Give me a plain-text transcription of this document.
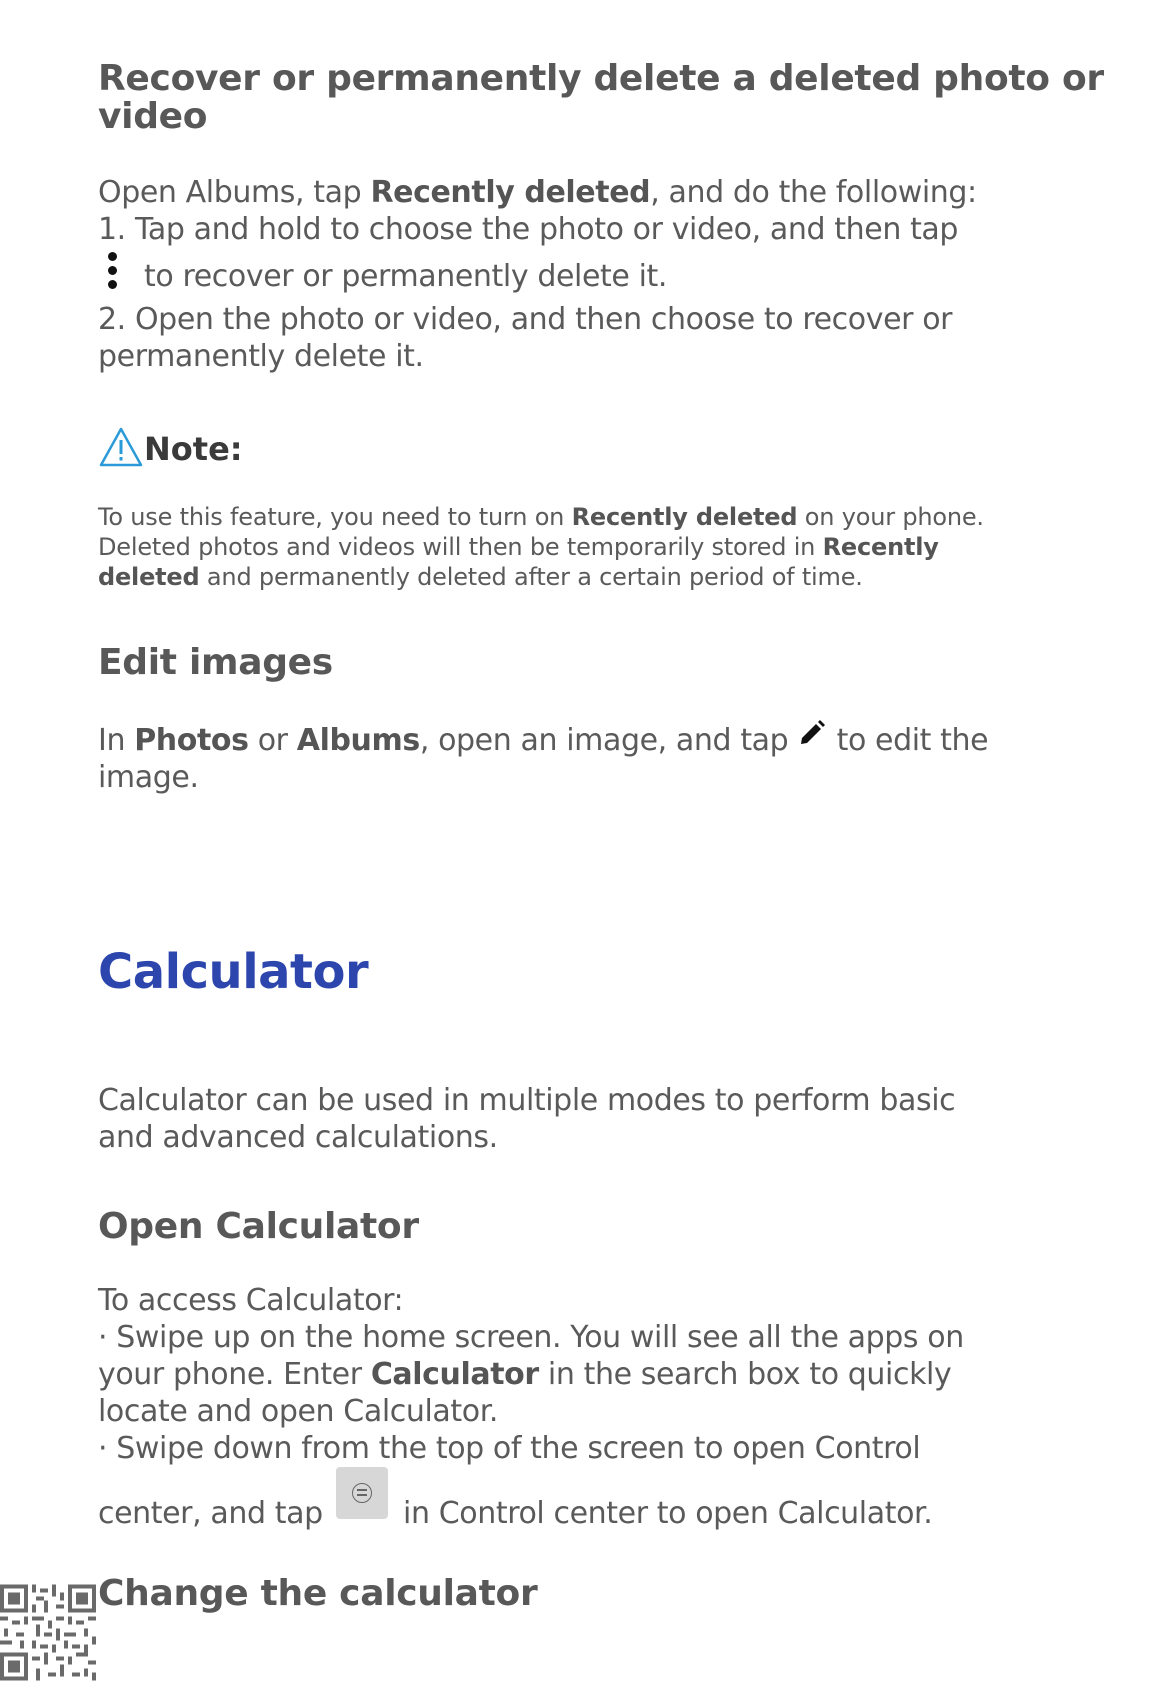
Recover or permanently delete a deleted photo or
video
Open Albums, tap Recently deleted, and do the following:
1. Tap and hold to choose the photo or video, and then tap
to recover or permanently delete it.
2. Open the photo or video, and then choose to recover or
permanently delete it.
Note:
To use this feature, you need to turn on Recently deleted on your phone.
Deleted photos and videos will then be temporarily stored in Recently
deleted and permanently deleted after a certain period of time.
Edit images
In Photos or Albums, open an image, and tap  to edit the
image.
Calculator
Calculator can be used in multiple modes to perform basic
and advanced calculations.
Open Calculator
To access Calculator:
· Swipe up on the home screen. You will see all the apps on
your phone. Enter Calculator in the search box to quickly
locate and open Calculator.
· Swipe down from the top of the screen to open Control
center, and tap
in Control center to open Calculator.
Change the calculator
